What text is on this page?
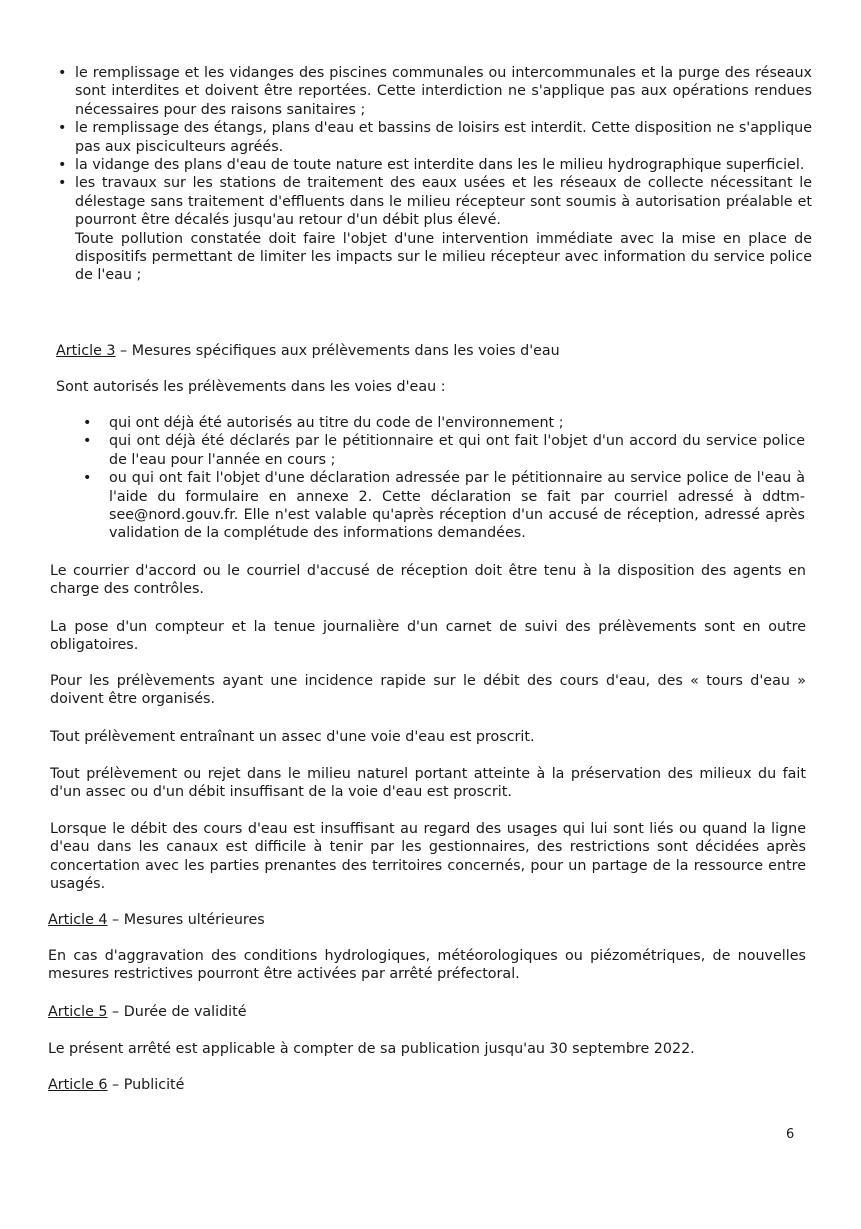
• le remplissage et les vidanges des piscines communales ou intercommunales et la purge des réseaux sont interdites et doivent être reportées. Cette interdiction ne s'applique pas aux opérations rendues nécessaires pour des raisons sanitaires ;
• le remplissage des étangs, plans d'eau et bassins de loisirs est interdit. Cette disposition ne s'applique pas aux pisciculteurs agréés.
• la vidange des plans d'eau de toute nature est interdite dans les le milieu hydrographique superficiel.
• les travaux sur les stations de traitement des eaux usées et les réseaux de collecte nécessitant le délestage sans traitement d'effluents dans le milieu récepteur sont soumis à autorisation préalable et pourront être décalés jusqu'au retour d'un débit plus élevé.
Toute pollution constatée doit faire l'objet d'une intervention immédiate avec la mise en place de dispositifs permettant de limiter les impacts sur le milieu récepteur avec information du service police de l'eau ;
Article 3 – Mesures spécifiques aux prélèvements dans les voies d'eau
Sont autorisés les prélèvements dans les voies d'eau :
• qui ont déjà été autorisés au titre du code de l'environnement ;
• qui ont déjà été déclarés par le pétitionnaire et qui ont fait l'objet d'un accord du service police de l'eau pour l'année en cours ;
• ou qui ont fait l'objet d'une déclaration adressée par le pétitionnaire au service police de l'eau à l'aide du formulaire en annexe 2. Cette déclaration se fait par courriel adressé à ddtm-see@nord.gouv.fr. Elle n'est valable qu'après réception d'un accusé de réception, adressé après validation de la complétude des informations demandées.
Le courrier d'accord ou le courriel d'accusé de réception doit être tenu à la disposition des agents en charge des contrôles.
La pose d'un compteur et la tenue journalière d'un carnet de suivi des prélèvements sont en outre obligatoires.
Pour les prélèvements ayant une incidence rapide sur le débit des cours d'eau, des « tours d'eau » doivent être organisés.
Tout prélèvement entraînant un assec d'une voie d'eau est proscrit.
Tout prélèvement ou rejet dans le milieu naturel portant atteinte à la préservation des milieux du fait d'un assec ou d'un débit insuffisant de la voie d'eau est proscrit.
Lorsque le débit des cours d'eau est insuffisant au regard des usages qui lui sont liés ou quand la ligne d'eau dans les canaux est difficile à tenir par les gestionnaires, des restrictions sont décidées après concertation avec les parties prenantes des territoires concernés, pour un partage de la ressource entre usagés.
Article 4 – Mesures ultérieures
En cas d'aggravation des conditions hydrologiques, météorologiques ou piézométriques, de nouvelles mesures restrictives pourront être activées par arrêté préfectoral.
Article 5 – Durée de validité
Le présent arrêté est applicable à compter de sa publication jusqu'au 30 septembre 2022.
Article 6 – Publicité
6
